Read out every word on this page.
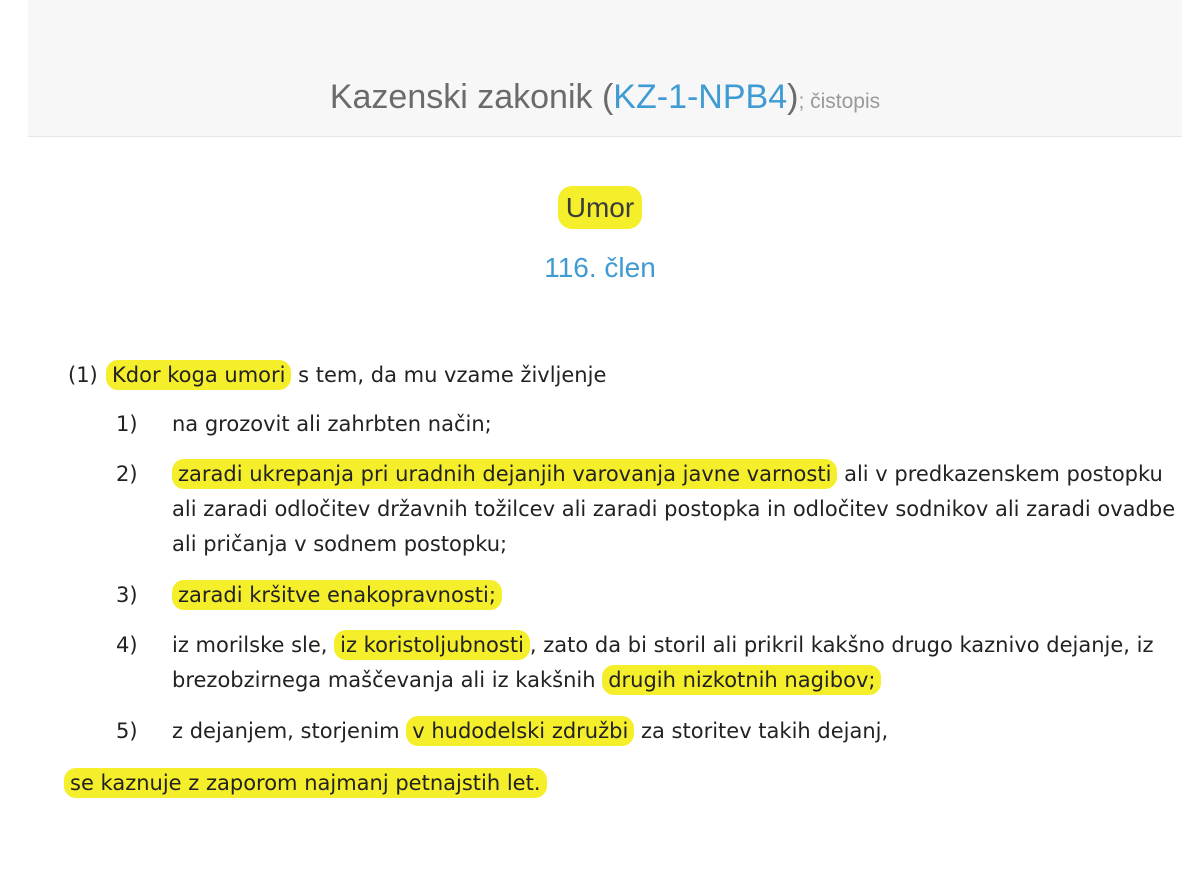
Kazenski zakonik (KZ-1-NPB4); čistopis
Umor
116. člen
(1) Kdor koga umori s tem, da mu vzame življenje
1)	na grozovit ali zahrbten način;
2)	zaradi ukrepanja pri uradnih dejanjih varovanja javne varnosti ali v predkazenskem postopku ali zaradi odločitev državnih tožilcev ali zaradi postopka in odločitev sodnikov ali zaradi ovadbe ali pričanja v sodnem postopku;
3)	zaradi kršitve enakopravnosti;
4)	iz morilske sle, iz koristoljubnosti , zato da bi storil ali prikril kakšno drugo kaznivo dejanje, iz brezobzirnega maščevanja ali iz kakšnih drugih nizkotnih nagibov;
5)	z dejanjem, storjenim v hudodelski združbi za storitev takih dejanj,
se kaznuje z zaporom najmanj petnajstih let.
